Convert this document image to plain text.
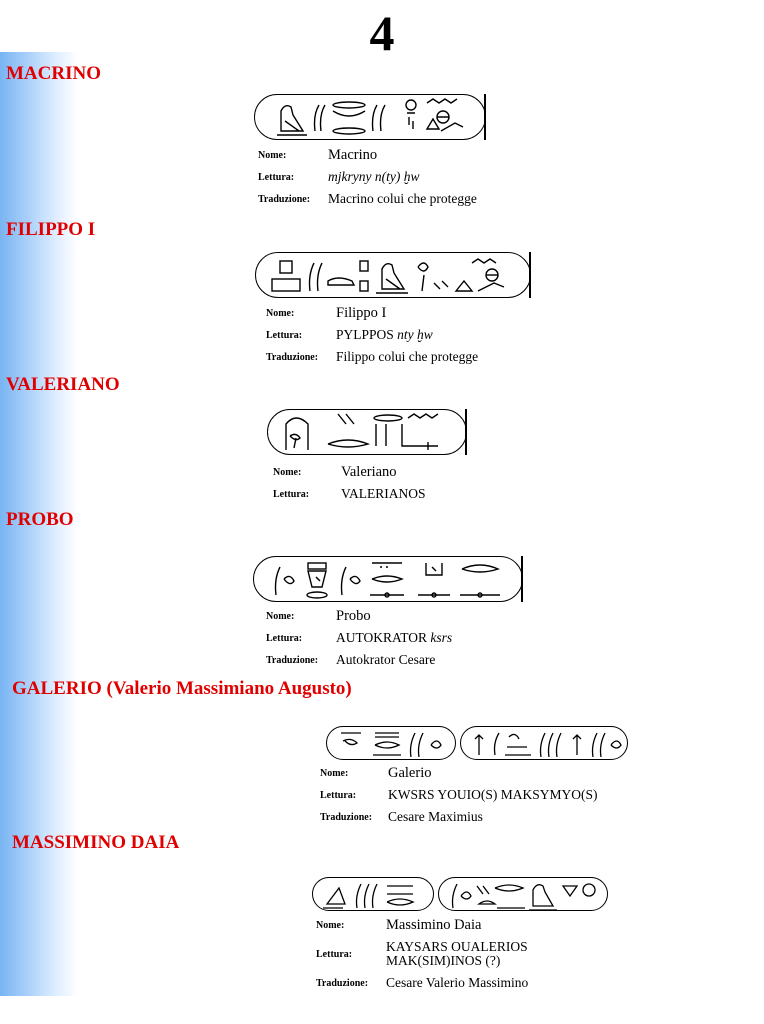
4
MACRINO
Nome:	Macrino
Lettura:	mjkryny n(ty) ḫw
Traduzione:	Macrino colui che protegge
FILIPPO I
Nome:	Filippo I
Lettura:	PYLPPOS nty ḫw
Traduzione:	Filippo colui che protegge
VALERIANO
Nome:	Valeriano
Lettura:	VALERIANOS
PROBO
Nome:	Probo
Lettura:	AUTOKRATOR ksrs
Traduzione:	Autokrator Cesare
GALERIO (Valerio Massimiano Augusto)
Nome:	Galerio
Lettura:	KWSRS YOUIO(S) MAKSYMYO(S)
Traduzione:	Cesare Maximius
MASSIMINO DAIA
Nome:	Massimino Daia
Lettura:	KAYSARS OUALERIOS MAK(SIM)INOS (?)
Traduzione:	Cesare Valerio Massimino
